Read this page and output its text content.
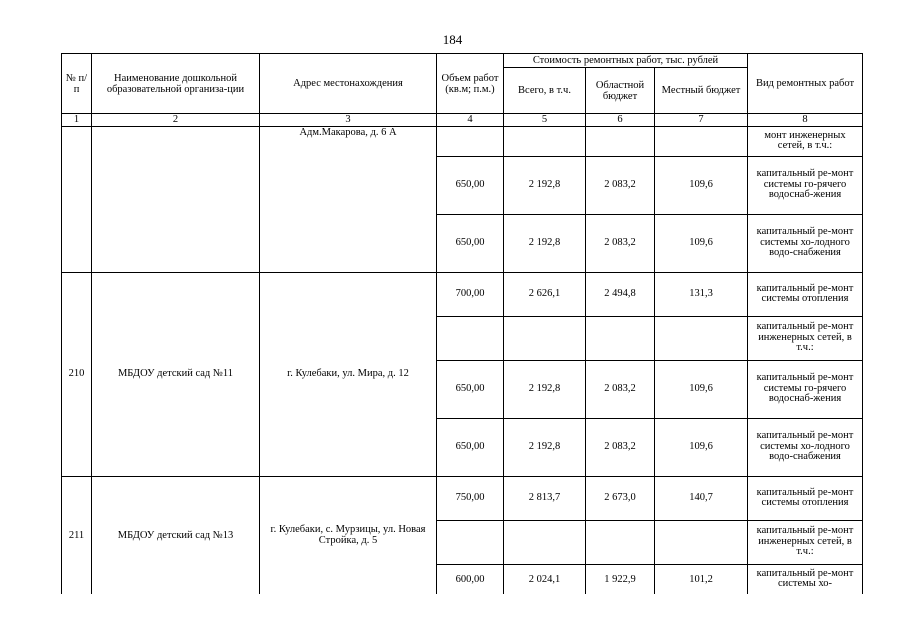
184
№ п/п	Наименование дошкольной образовательной организа-ции	Адрес местонахождения	Объем работ (кв.м; п.м.)	Стоимость ремонтных работ, тыс. рублей			Вид ремонтных работ
				Всего, в т.ч.	Областной бюджет	Местный бюджет	
1	2	3	4	5	6	7	8
		Адм.Макарова, д. 6 А					монт инженерных сетей, в т.ч.:
			650,00	2 192,8	2 083,2	109,6	капитальный ре-монт системы го-рячего водоснаб-жения
			650,00	2 192,8	2 083,2	109,6	капитальный ре-монт системы хо-лодного водо-снабжения
210	МБДОУ детский сад №11	г. Кулебаки, ул. Мира, д. 12	700,00	2 626,1	2 494,8	131,3	капитальный ре-монт системы отопления
							капитальный ре-монт инженерных сетей, в т.ч.:
			650,00	2 192,8	2 083,2	109,6	капитальный ре-монт системы го-рячего водоснаб-жения
			650,00	2 192,8	2 083,2	109,6	капитальный ре-монт системы хо-лодного водо-снабжения
211	МБДОУ детский сад №13	г. Кулебаки, с. Мурзицы, ул. Новая Стройка, д. 5	750,00	2 813,7	2 673,0	140,7	капитальный ре-монт системы отопления
							капитальный ре-монт инженерных сетей, в т.ч.:
			600,00	2 024,1	1 922,9	101,2	капитальный ре-монт системы хо-
